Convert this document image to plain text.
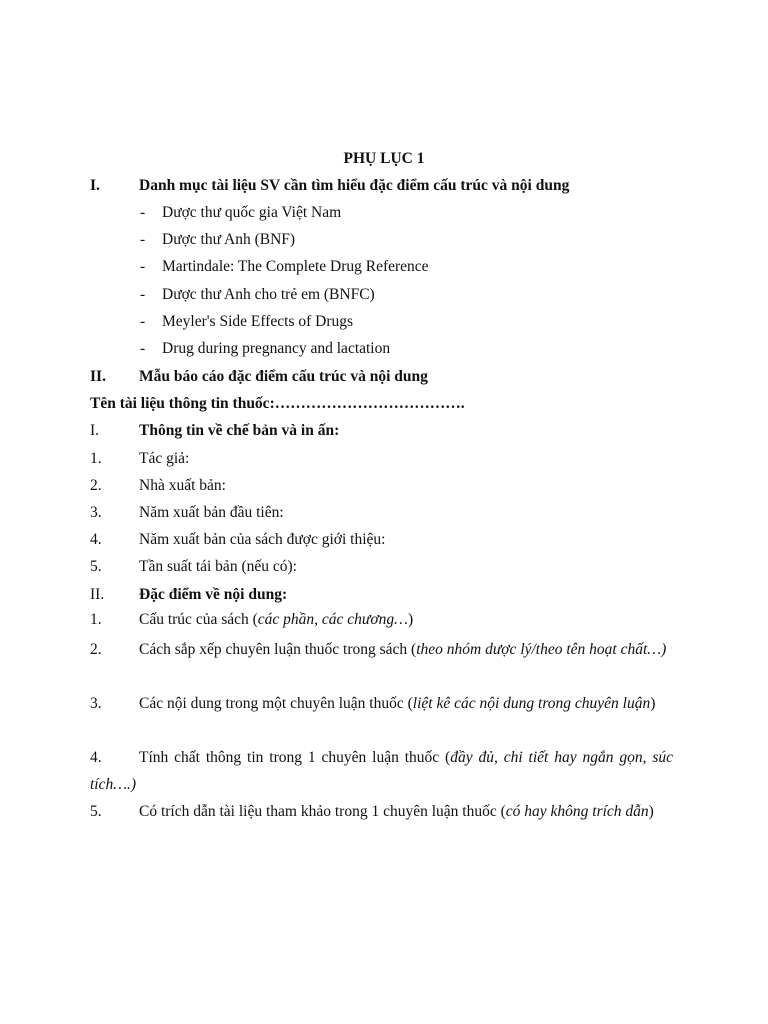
PHỤ LỤC 1
I.	Danh mục tài liệu SV cần tìm hiểu đặc điểm cấu trúc và nội dung
- Dược thư quốc gia Việt Nam
- Dược thư Anh (BNF)
- Martindale: The Complete Drug Reference
- Dược thư Anh cho trẻ em (BNFC)
- Meyler's Side Effects of Drugs
- Drug during pregnancy and lactation
II. Mẫu báo cáo đặc điểm cấu trúc và nội dung
Tên tài liệu thông tin thuốc:……………………………….
I.	Thông tin về chế bản và in ấn:
1. Tác giả:
2. Nhà xuất bản:
3. Năm xuất bản đầu tiên:
4. Năm xuất bản của sách được giới thiệu:
5. Tần suất tái bản (nếu có):
II. Đặc điểm về nội dung:
1.	Cấu trúc của sách (các phần, các chương…)

2.	Cách sắp xếp chuyên luận thuốc trong sách (theo nhóm dược lý/theo tên hoạt chất…)

3.	Các nội dung trong một chuyên luận thuốc (liệt kê các nội dung trong chuyên luận)

4.	Tính chất thông tin trong 1 chuyên luận thuốc (đầy đủ, chi tiết hay ngắn gọn, súc tích….)

5.	Có trích dẫn tài liệu tham khảo trong 1 chuyên luận thuốc (có hay không trích dẫn)
